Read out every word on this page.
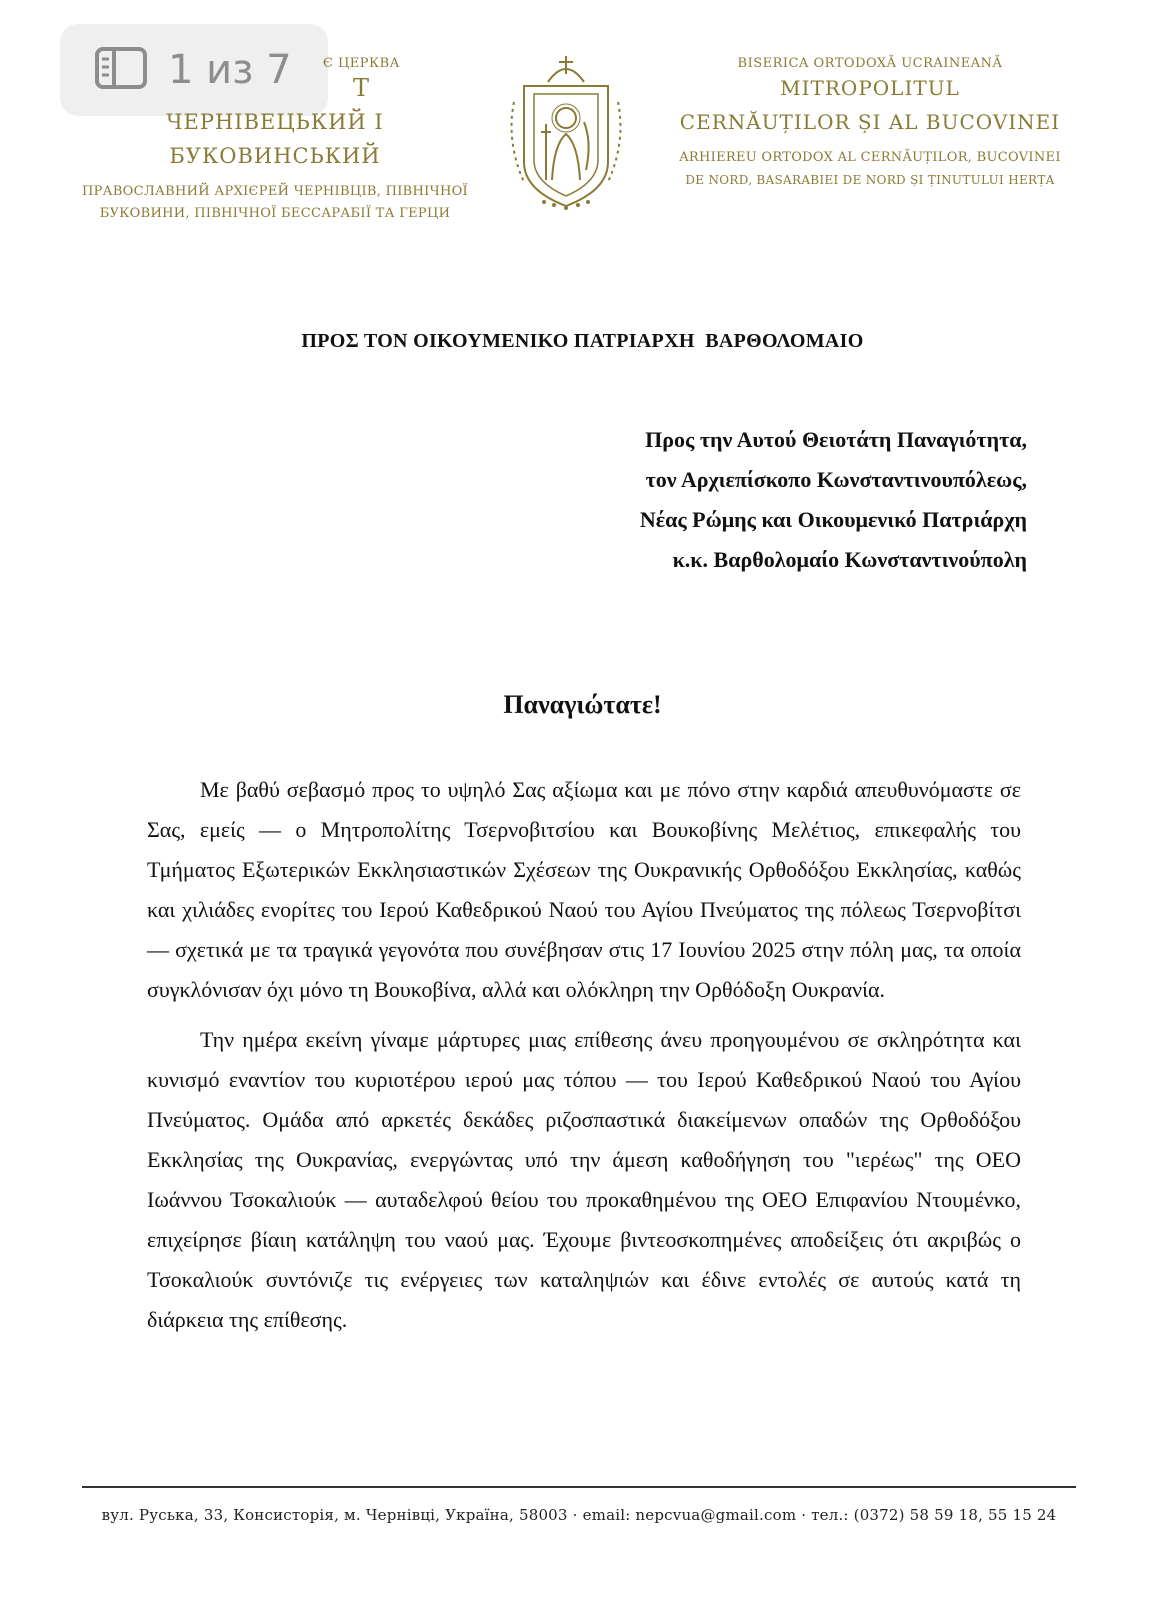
1 из 7	Є ЦЕРКВА
Т
ЧЕРНІВЕЦЬКИЙ І БУКОВИНСЬКИЙ
ПРАВОСЛАВНИЙ АРХІЄРЕЙ ЧЕРНІВЦІВ, ПІВНІЧНОЇ
БУКОВИНИ, ПІВНІЧНОЇ БЕССАРАБІЇ ТА ГЕРЦИ
BISERICA ORTODOXĂ UCRAINEANĂ
MITROPOLITUL
CERNĂUȚILOR ȘI AL BUCOVINEI
ARHIEREU ORTODOX AL CERNĂUȚILOR, BUCOVINEI
DE NORD, BASARABIEI DE NORD ȘI ȚINUTULUI HERȚA
ΠΡΟΣ ΤΟΝ ΟΙΚΟΥΜΕΝΙΚΟ ΠΑΤΡΙΑΡΧΗ  ΒΑΡΘΟΛΟΜΑΙΟ
Προς την Αυτού Θειοτάτη Παναγιότητα,
τον Αρχιεπίσκοπο Κωνσταντινουπόλεως,
Νέας Ρώμης και Οικουμενικό Πατριάρχη
κ.κ. Βαρθολομαίο Κωνσταντινούπολη
Παναγιώτατε!

Με βαθύ σεβασμό προς το υψηλό Σας αξίωμα και με πόνο στην καρδιά απευθυνόμαστε σε Σας, εμείς — ο Μητροπολίτης Τσερνοβιτσίου και Βουκοβίνης Μελέτιος, επικεφαλής του Τμήματος Εξωτερικών Εκκλησιαστικών Σχέσεων της Ουκρανικής Ορθοδόξου Εκκλησίας, καθώς και χιλιάδες ενορίτες του Ιερού Καθεδρικού Ναού του Αγίου Πνεύματος της πόλεως Τσερνοβίτσι — σχετικά με τα τραγικά γεγονότα που συνέβησαν στις 17 Ιουνίου 2025 στην πόλη μας, τα οποία συγκλόνισαν όχι μόνο τη Βουκοβίνα, αλλά και ολόκληρη την Ορθόδοξη Ουκρανία.

Την ημέρα εκείνη γίναμε μάρτυρες μιας επίθεσης άνευ προηγουμένου σε σκληρότητα και κυνισμό εναντίον του κυριοτέρου ιερού μας τόπου — του Ιερού Καθεδρικού Ναού του Αγίου Πνεύματος. Ομάδα από αρκετές δεκάδες ριζοσπαστικά διακείμενων οπαδών της Ορθοδόξου Εκκλησίας της Ουκρανίας, ενεργώντας υπό την άμεση καθοδήγηση του "ιερέως" της ΟΕΟ Ιωάννου Τσοκαλιούκ — αυταδελφού θείου του προκαθημένου της ΟΕΟ Επιφανίου Ντουμένκο, επιχείρησε βίαιη κατάληψη του ναού μας. Έχουμε βιντεοσκοπημένες αποδείξεις ότι ακριβώς ο Τσοκαλιούκ συντόνιζε τις ενέργειες των καταληψιών και έδινε εντολές σε αυτούς κατά τη διάρκεια της επίθεσης.

вул. Руська, 33, Консисторія, м. Чернівці, Україна, 58003 · email: nepcvua@gmail.com · тел.: (0372) 58 59 18, 55 15 24
